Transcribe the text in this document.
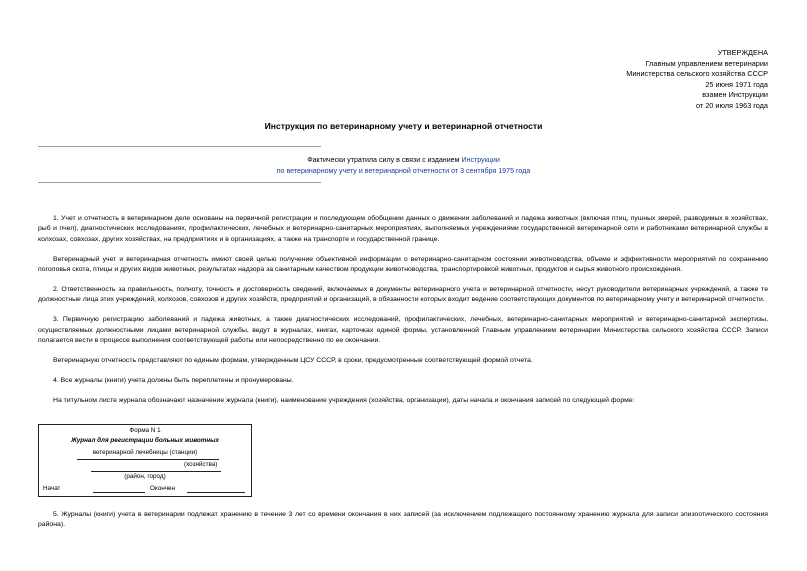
УТВЕРЖДЕНА
Главным управлением ветеринарии
Министерства сельского хозяйства СССР
25 июня 1971 года
взамен Инструкции
от 20 июля 1963 года
Инструкция по ветеринарному учету и ветеринарной отчетности
Фактически утратила силу в связи с изданием Инструкции
по ветеринарному учету и ветеринарной отчетности от 3 сентября 1975 года

1. Учет и отчетность в ветеринарном деле основаны на первичной регистрации и последующем обобщении данных о движении заболеваний и падежа животных (включая птиц, пушных зверей, разводимых в хозяйствах, рыб и пчел), диагностических исследованиях, профилактических, лечебных и ветеринарно-санитарных мероприятиях, выполняемых учреждениями государственной ветеринарной сети и работниками ветеринарной службы в колхозах, совхозах, других хозяйствах, на предприятиях и в организациях, а также на транспорте и государственной границе.

Ветеринарный учет и ветеринарная отчетность имеют своей целью получение объективной информации о ветеринарно-санитарном состоянии животноводства, объеме и эффективности мероприятий по сохранению поголовья скота, птицы и других видов животных, результатах надзора за санитарным качеством продукции животноводства, транспортировкой животных, продуктов и сырья животного происхождения.

2. Ответственность за правильность, полноту, точность и достоверность сведений, включаемых в документы ветеринарного учета и ветеринарной отчетности, несут руководители ветеринарных учреждений, а также те должностные лица этих учреждений, колхозов, совхозов и других хозяйств, предприятий и организаций, в обязанности которых входит ведение соответствующих документов по ветеринарному учету и ветеринарной отчетности.

3. Первичную регистрацию заболеваний и падежа животных, а также диагностических исследований, профилактических, лечебных, ветеринарно-санитарных мероприятий и ветеринарно-санитарной экспертизы, осуществляемых должностными лицами ветеринарной службы, ведут в журналах, книгах, карточках единой формы, установленной Главным управлением ветеринарии Министерства сельского хозяйства СССР. Записи полагается вести в процессе выполнения соответствующей работы или непосредственно по ее окончании.

Ветеринарную отчетность представляют по единым формам, утвержденным ЦСУ СССР, в сроки, предусмотренные соответствующей формой отчета.

4. Все журналы (книги) учета должны быть переплетены и пронумерованы.

На титульном листе журнала обозначают назначение журнала (книги), наименование учреждения (хозяйства, организации), даты начала и окончания записей по следующей форме:

Форма N 1
Журнал для регистрации больных животных
ветеринарной лечебницы (станции)
(хозяйства)
(район, город)
Начат	Окончен

5. Журналы (книги) учета в ветеринарии подлежат хранению в течение 3 лет со времени окончания в них записей (за исключением подлежащего постоянному хранению журнала для записи эпизоотического состояния района).
